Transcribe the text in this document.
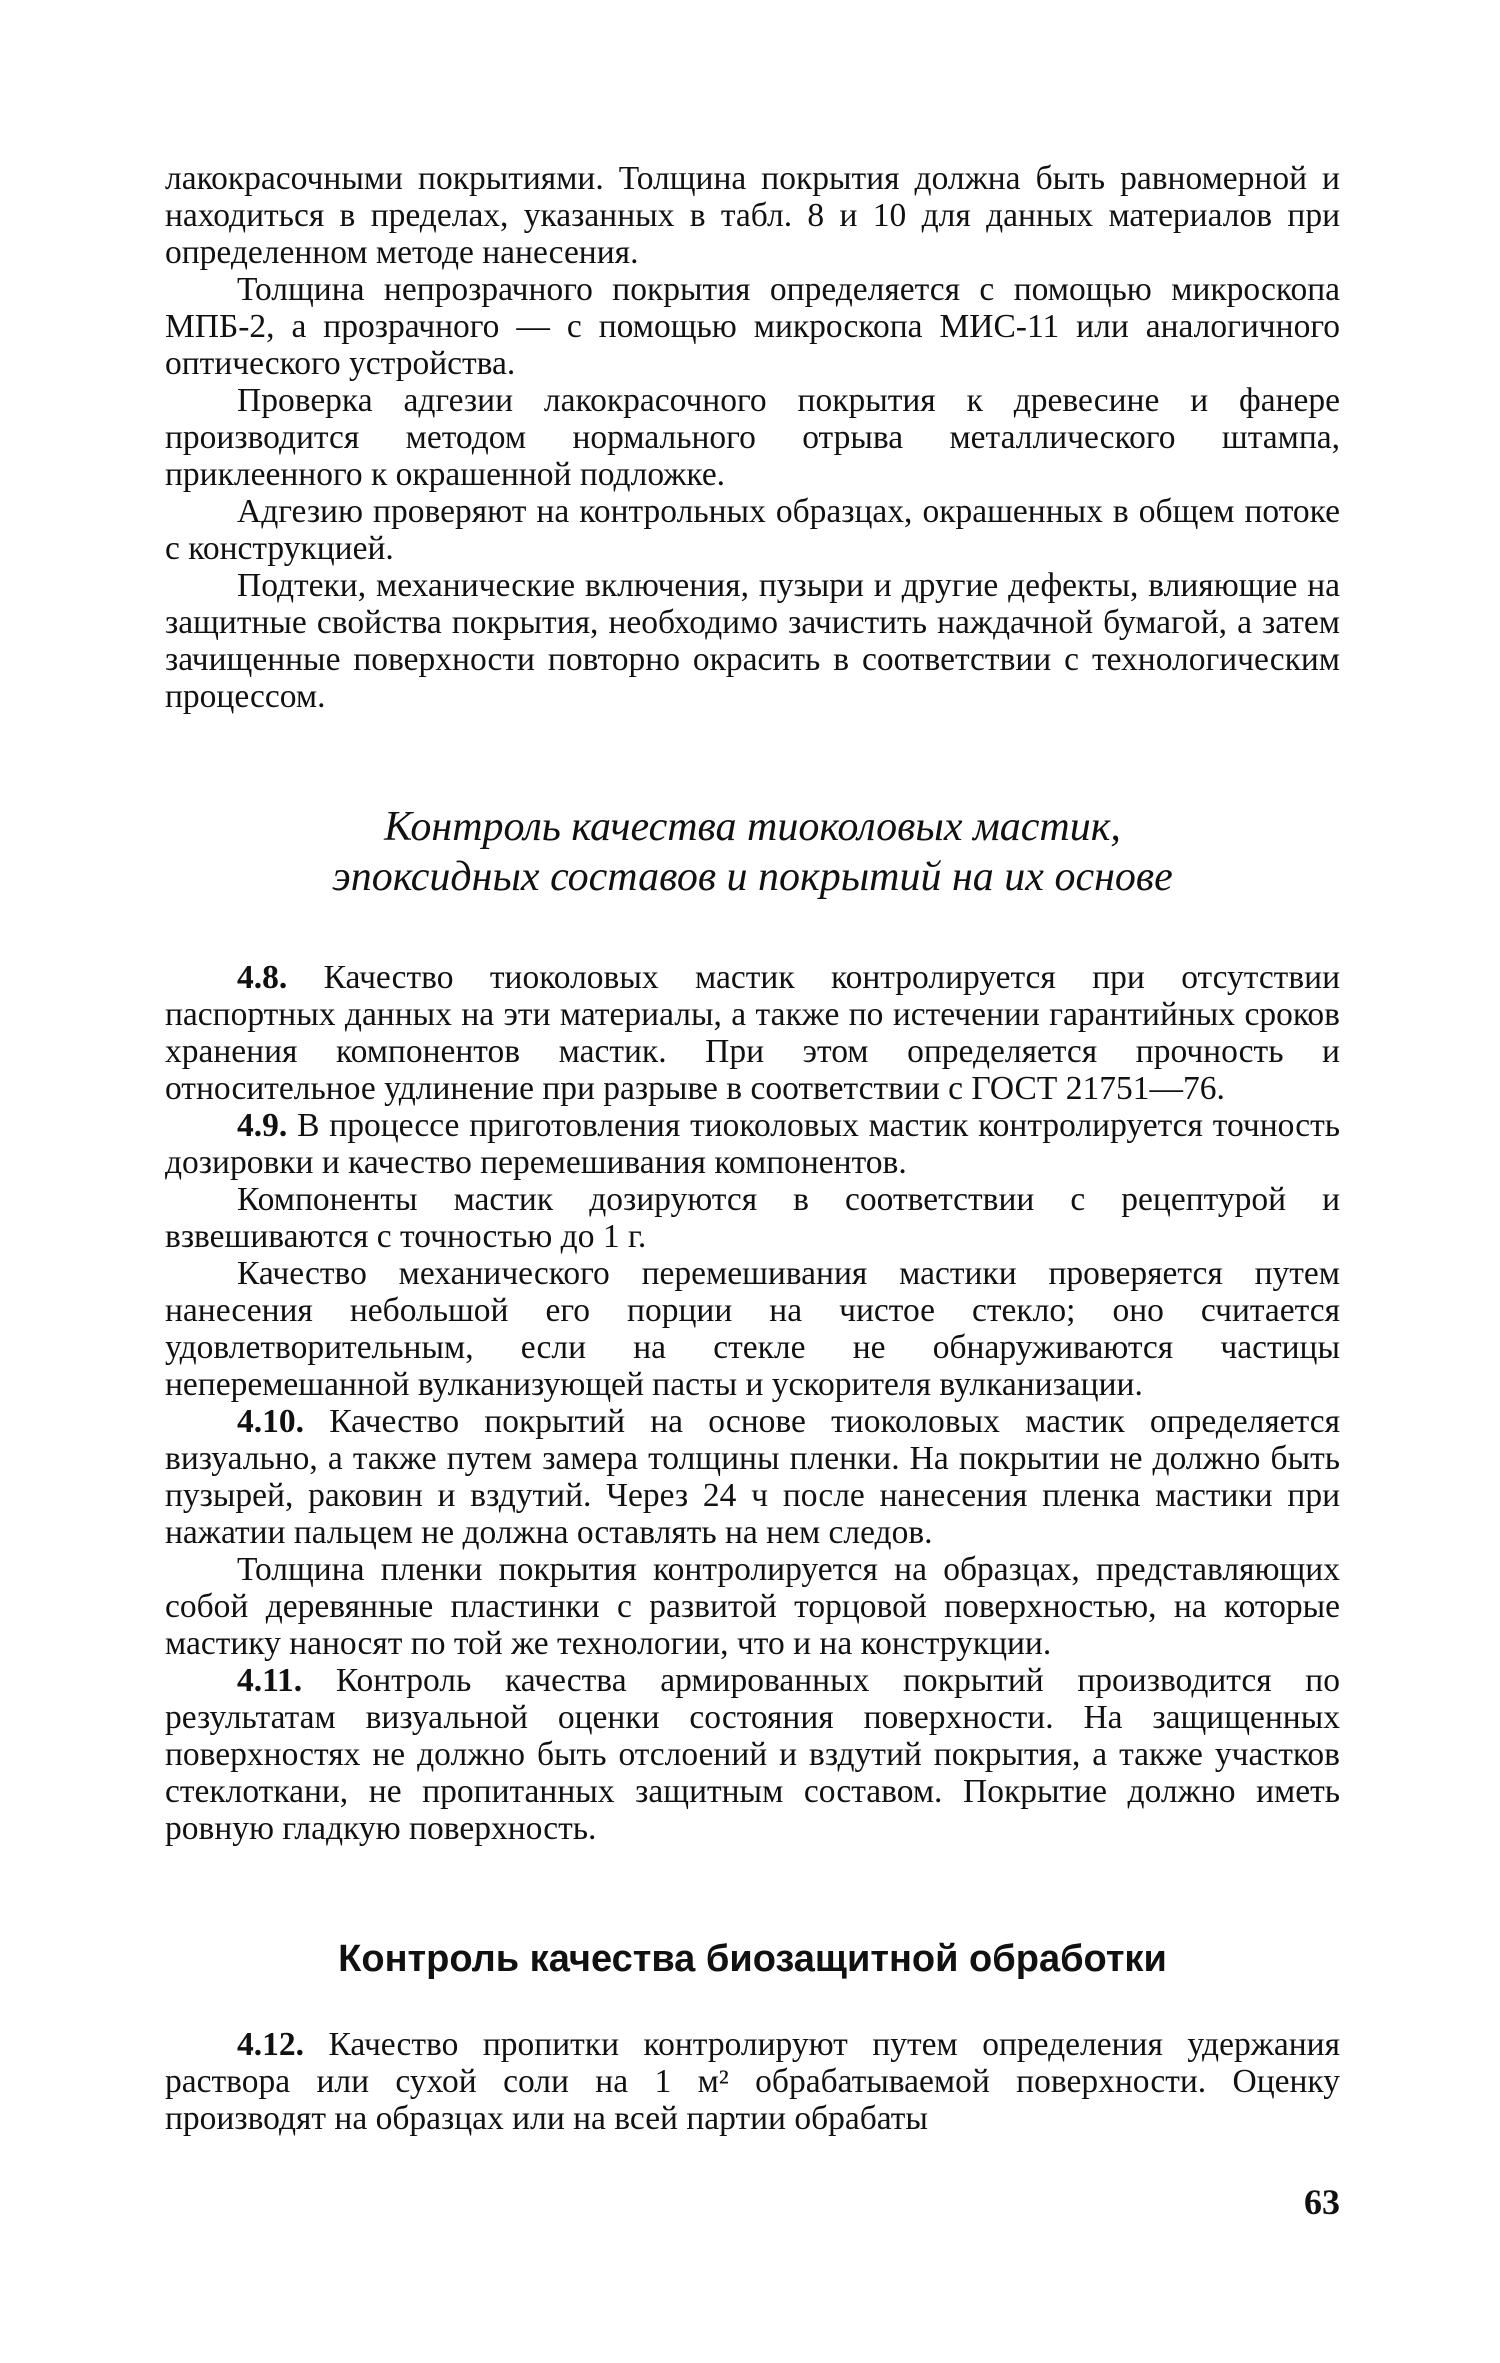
лакокрасочными покрытиями. Толщина покрытия должна быть равномерной и находиться в пределах, указанных в табл. 8 и 10 для данных материалов при определенном методе нанесения.

Толщина непрозрачного покрытия определяется с помощью микроскопа МПБ-2, а прозрачного — с помощью микроскопа МИС-11 или аналогичного оптического устройства.

Проверка адгезии лакокрасочного покрытия к древесине и фанере производится методом нормального отрыва металлического штампа, приклеенного к окрашенной подложке.

Адгезию проверяют на контрольных образцах, окрашенных в общем потоке с конструкцией.

Подтеки, механические включения, пузыри и другие дефекты, влияющие на защитные свойства покрытия, необходимо зачистить наждачной бумагой, а затем зачищенные поверхности повторно окрасить в соответствии с технологическим процессом.

Контроль качества тиоколовых мастик,
эпоксидных составов и покрытий на их основе

4.8. Качество тиоколовых мастик контролируется при отсутствии паспортных данных на эти материалы, а также по истечении гарантийных сроков хранения компонентов мастик. При этом определяется прочность и относительное удлинение при разрыве в соответствии с ГОСТ 21751—76.

4.9. В процессе приготовления тиоколовых мастик контролируется точность дозировки и качество перемешивания компонентов.

Компоненты мастик дозируются в соответствии с рецептурой и взвешиваются с точностью до 1 г.

Качество механического перемешивания мастики проверяется путем нанесения небольшой его порции на чистое стекло; оно считается удовлетворительным, если на стекле не обнаруживаются частицы неперемешанной вулканизующей пасты и ускорителя вулканизации.

4.10. Качество покрытий на основе тиоколовых мастик определяется визуально, а также путем замера толщины пленки. На покрытии не должно быть пузырей, раковин и вздутий. Через 24 ч после нанесения пленка мастики при нажатии пальцем не должна оставлять на нем следов.

Толщина пленки покрытия контролируется на образцах, представляющих собой деревянные пластинки с развитой торцовой поверхностью, на которые мастику наносят по той же технологии, что и на конструкции.

4.11. Контроль качества армированных покрытий производится по результатам визуальной оценки состояния поверхности. На защищенных поверхностях не должно быть отслоений и вздутий покрытия, а также участков стеклоткани, не пропитанных защитным составом. Покрытие должно иметь ровную гладкую поверхность.

Контроль качества биозащитной обработки

4.12. Качество пропитки контролируют путем определения удержания раствора или сухой соли на 1 м² обрабатываемой поверхности. Оценку производят на образцах или на всей партии обрабаты

63
